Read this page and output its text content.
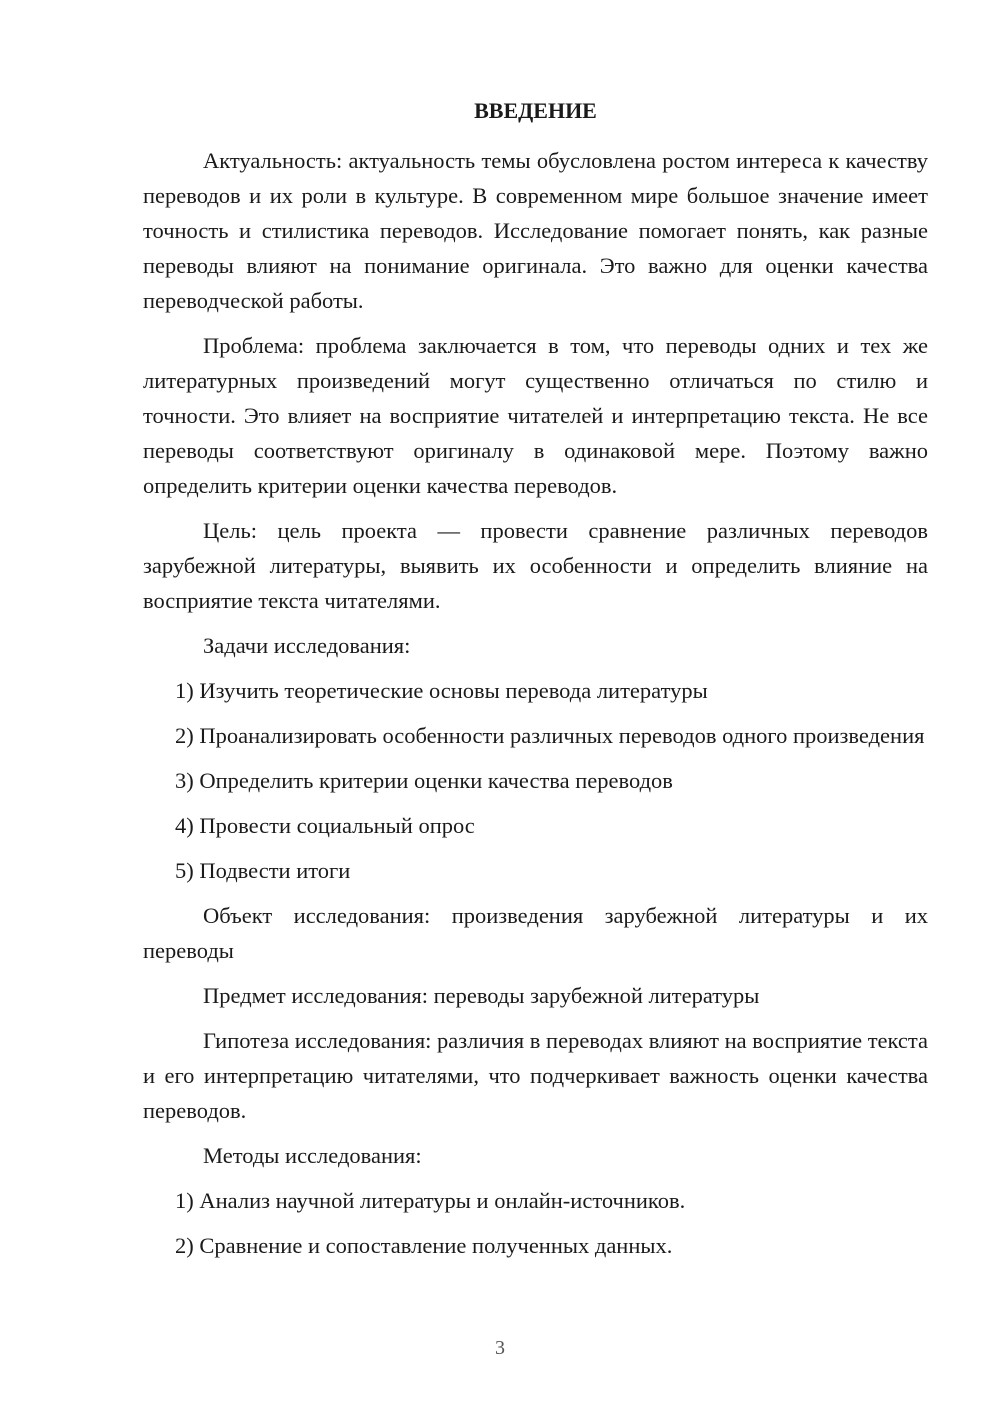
ВВЕДЕНИЕ

Актуальность: актуальность темы обусловлена ростом интереса к качеству переводов и их роли в культуре. В современном мире большое значение имеет точность и стилистика переводов. Исследование помогает понять, как разные переводы влияют на понимание оригинала. Это важно для оценки качества переводческой работы.

Проблема: проблема заключается в том, что переводы одних и тех же литературных произведений могут существенно отличаться по стилю и точности. Это влияет на восприятие читателей и интерпретацию текста. Не все переводы соответствуют оригиналу в одинаковой мере. Поэтому важно определить критерии оценки качества переводов.

Цель: цель проекта — провести сравнение различных переводов зарубежной литературы, выявить их особенности и определить влияние на восприятие текста читателями.

Задачи исследования:

1) Изучить теоретические основы перевода литературы

2) Проанализировать особенности различных переводов одного произведения

3) Определить критерии оценки качества переводов

4) Провести социальный опрос

5) Подвести итоги

Объект исследования: произведения зарубежной литературы и их переводы

Предмет исследования: переводы зарубежной литературы

Гипотеза исследования: различия в переводах влияют на восприятие текста и его интерпретацию читателями, что подчеркивает важность оценки качества переводов.

Методы исследования:

1) Анализ научной литературы и онлайн-источников.

2) Сравнение и сопоставление полученных данных.

3
